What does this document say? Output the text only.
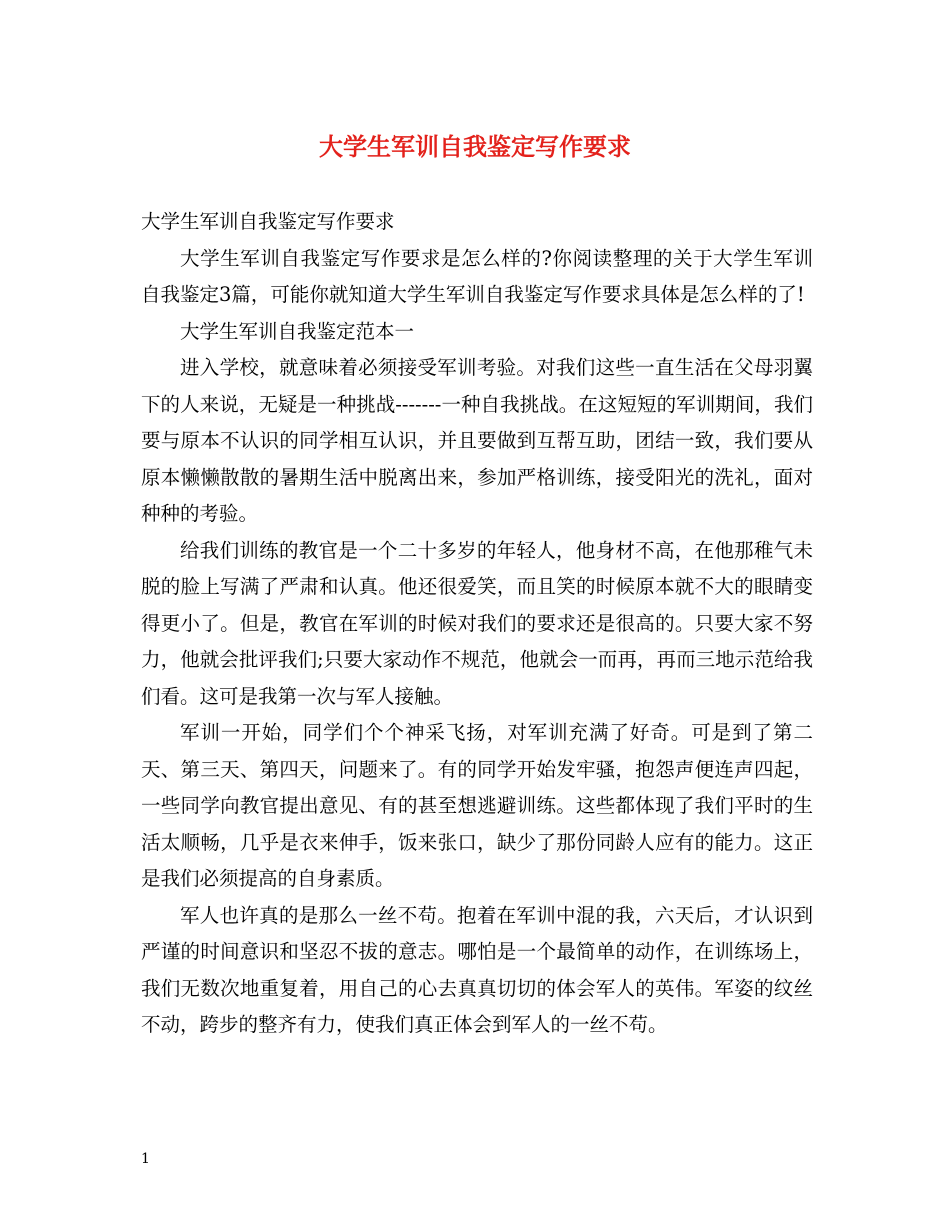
大学生军训自我鉴定写作要求

大学生军训自我鉴定写作要求

大学生军训自我鉴定写作要求是怎么样的?你阅读整理的关于大学生军训自我鉴定3篇，可能你就知道大学生军训自我鉴定写作要求具体是怎么样的了!

大学生军训自我鉴定范本一

进入学校，就意味着必须接受军训考验。对我们这些一直生活在父母羽翼下的人来说，无疑是一种挑战-------一种自我挑战。在这短短的军训期间，我们要与原本不认识的同学相互认识，并且要做到互帮互助，团结一致，我们要从原本懒懒散散的暑期生活中脱离出来，参加严格训练，接受阳光的洗礼，面对种种的考验。

给我们训练的教官是一个二十多岁的年轻人，他身材不高，在他那稚气未脱的脸上写满了严肃和认真。他还很爱笑，而且笑的时候原本就不大的眼睛变得更小了。但是，教官在军训的时候对我们的要求还是很高的。只要大家不努力，他就会批评我们;只要大家动作不规范，他就会一而再，再而三地示范给我们看。这可是我第一次与军人接触。

军训一开始，同学们个个神采飞扬，对军训充满了好奇。可是到了第二天、第三天、第四天，问题来了。有的同学开始发牢骚，抱怨声便连声四起，一些同学向教官提出意见、有的甚至想逃避训练。这些都体现了我们平时的生活太顺畅，几乎是衣来伸手，饭来张口，缺少了那份同龄人应有的能力。这正是我们必须提高的自身素质。

军人也许真的是那么一丝不苟。抱着在军训中混的我，六天后，才认识到严谨的时间意识和坚忍不拔的意志。哪怕是一个最简单的动作，在训练场上，我们无数次地重复着，用自己的心去真真切切的体会军人的英伟。军姿的纹丝不动，跨步的整齐有力，使我们真正体会到军人的一丝不苟。

1
